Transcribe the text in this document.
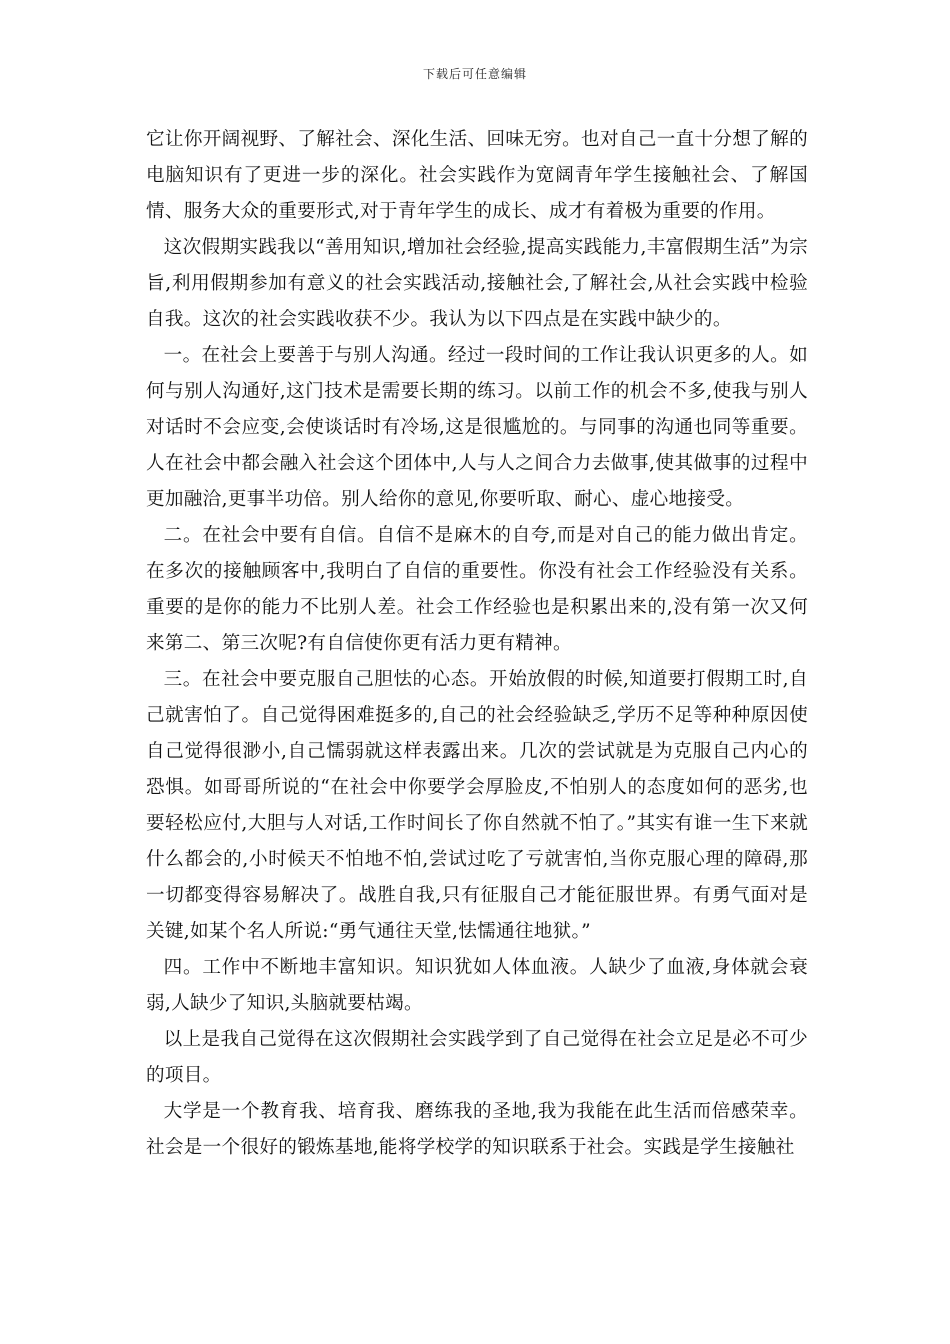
下载后可任意编辑

它让你开阔视野、了解社会、深化生活、回味无穷。也对自己一直十分想了解的电脑知识有了更进一步的深化。社会实践作为宽阔青年学生接触社会、了解国情、服务大众的重要形式,对于青年学生的成长、成才有着极为重要的作用。

这次假期实践我以“善用知识,增加社会经验,提高实践能力,丰富假期生活”为宗旨,利用假期参加有意义的社会实践活动,接触社会,了解社会,从社会实践中检验自我。这次的社会实践收获不少。我认为以下四点是在实践中缺少的。

一。在社会上要善于与别人沟通。经过一段时间的工作让我认识更多的人。如何与别人沟通好,这门技术是需要长期的练习。以前工作的机会不多,使我与别人对话时不会应变,会使谈话时有冷场,这是很尴尬的。与同事的沟通也同等重要。人在社会中都会融入社会这个团体中,人与人之间合力去做事,使其做事的过程中更加融洽,更事半功倍。别人给你的意见,你要听取、耐心、虚心地接受。

二。在社会中要有自信。自信不是麻木的自夸,而是对自己的能力做出肯定。在多次的接触顾客中,我明白了自信的重要性。你没有社会工作经验没有关系。重要的是你的能力不比别人差。社会工作经验也是积累出来的,没有第一次又何来第二、第三次呢?有自信使你更有活力更有精神。

三。在社会中要克服自己胆怯的心态。开始放假的时候,知道要打假期工时,自己就害怕了。自己觉得困难挺多的,自己的社会经验缺乏,学历不足等种种原因使自己觉得很渺小,自己懦弱就这样表露出来。几次的尝试就是为克服自己内心的恐惧。如哥哥所说的“在社会中你要学会厚脸皮,不怕别人的态度如何的恶劣,也要轻松应付,大胆与人对话,工作时间长了你自然就不怕了。”其实有谁一生下来就什么都会的,小时候天不怕地不怕,尝试过吃了亏就害怕,当你克服心理的障碍,那一切都变得容易解决了。战胜自我,只有征服自己才能征服世界。有勇气面对是关键,如某个名人所说:“勇气通往天堂,怯懦通往地狱。”

四。工作中不断地丰富知识。知识犹如人体血液。人缺少了血液,身体就会衰弱,人缺少了知识,头脑就要枯竭。

以上是我自己觉得在这次假期社会实践学到了自己觉得在社会立足是必不可少的项目。

大学是一个教育我、培育我、磨练我的圣地,我为我能在此生活而倍感荣幸。社会是一个很好的锻炼基地,能将学校学的知识联系于社会。实践是学生接触社
